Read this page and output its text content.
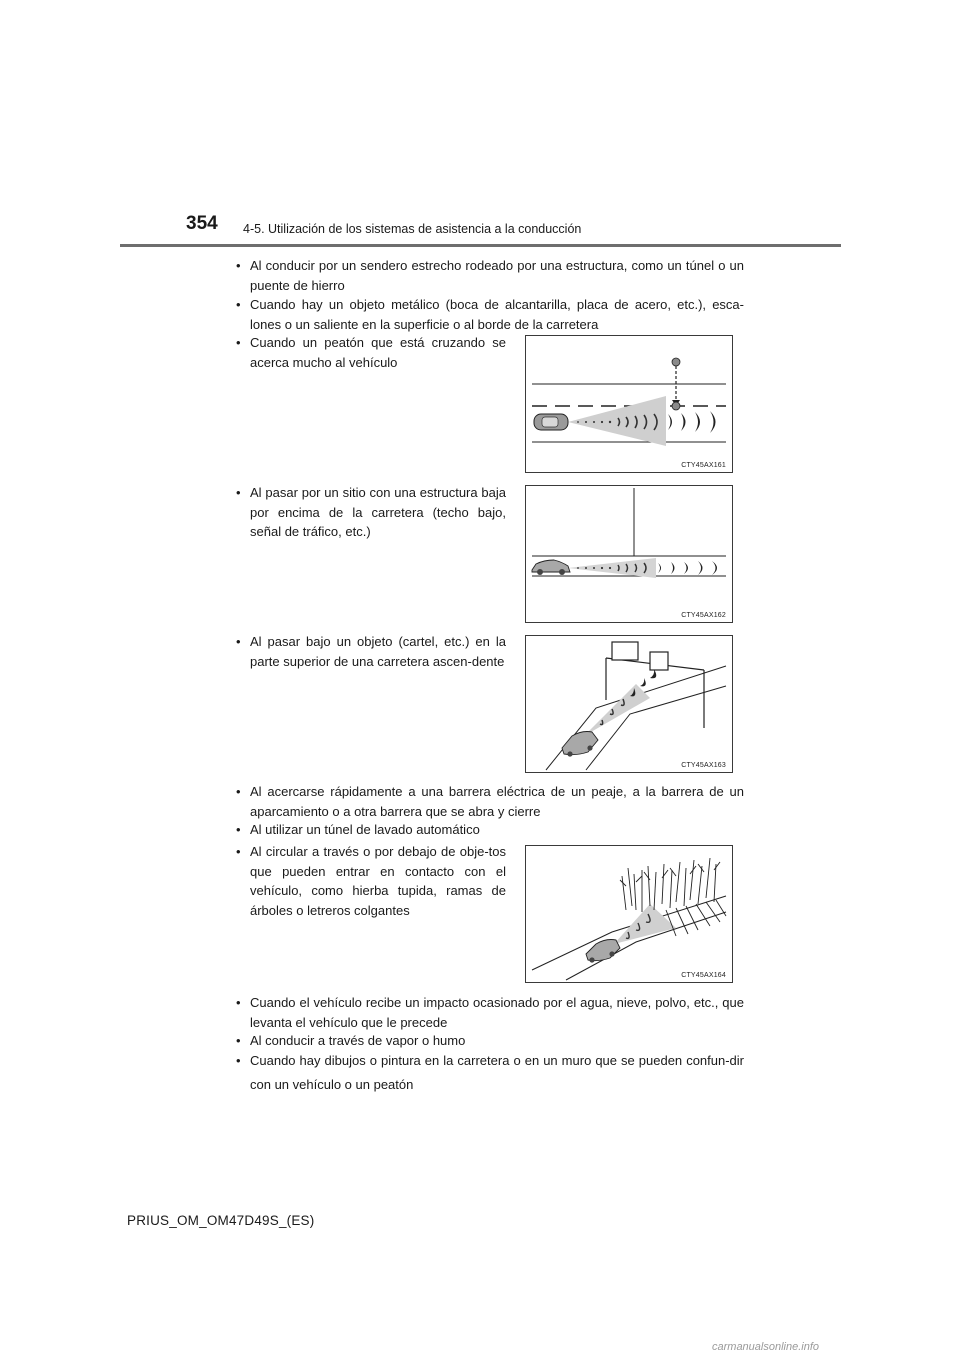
354 4-5. Utilización de los sistemas de asistencia a la conducción
• Al conducir por un sendero estrecho rodeado por una estructura, como un túnel o un puente de hierro
• Cuando hay un objeto metálico (boca de alcantarilla, placa de acero, etc.), esca-lones o un saliente en la superficie o al borde de la carretera
• Cuando un peatón que está cruzando se acerca mucho al vehículo
CTY45AX161
• Al pasar por un sitio con una estructura baja por encima de la carretera (techo bajo, señal de tráfico, etc.)
CTY45AX162
• Al pasar bajo un objeto (cartel, etc.) en la parte superior de una carretera ascen-dente
CTY45AX163
• Al acercarse rápidamente a una barrera eléctrica de un peaje, a la barrera de un aparcamiento o a otra barrera que se abra y cierre
• Al utilizar un túnel de lavado automático
• Al circular a través o por debajo de obje-tos que pueden entrar en contacto con el vehículo, como hierba tupida, ramas de árboles o letreros colgantes
CTY45AX164
• Cuando el vehículo recibe un impacto ocasionado por el agua, nieve, polvo, etc., que levanta el vehículo que le precede
• Al conducir a través de vapor o humo
• Cuando hay dibujos o pintura en la carretera o en un muro que se pueden confun-dir con un vehículo o un peatón
PRIUS_OM_OM47D49S_(ES)
carmanualsonline.info
